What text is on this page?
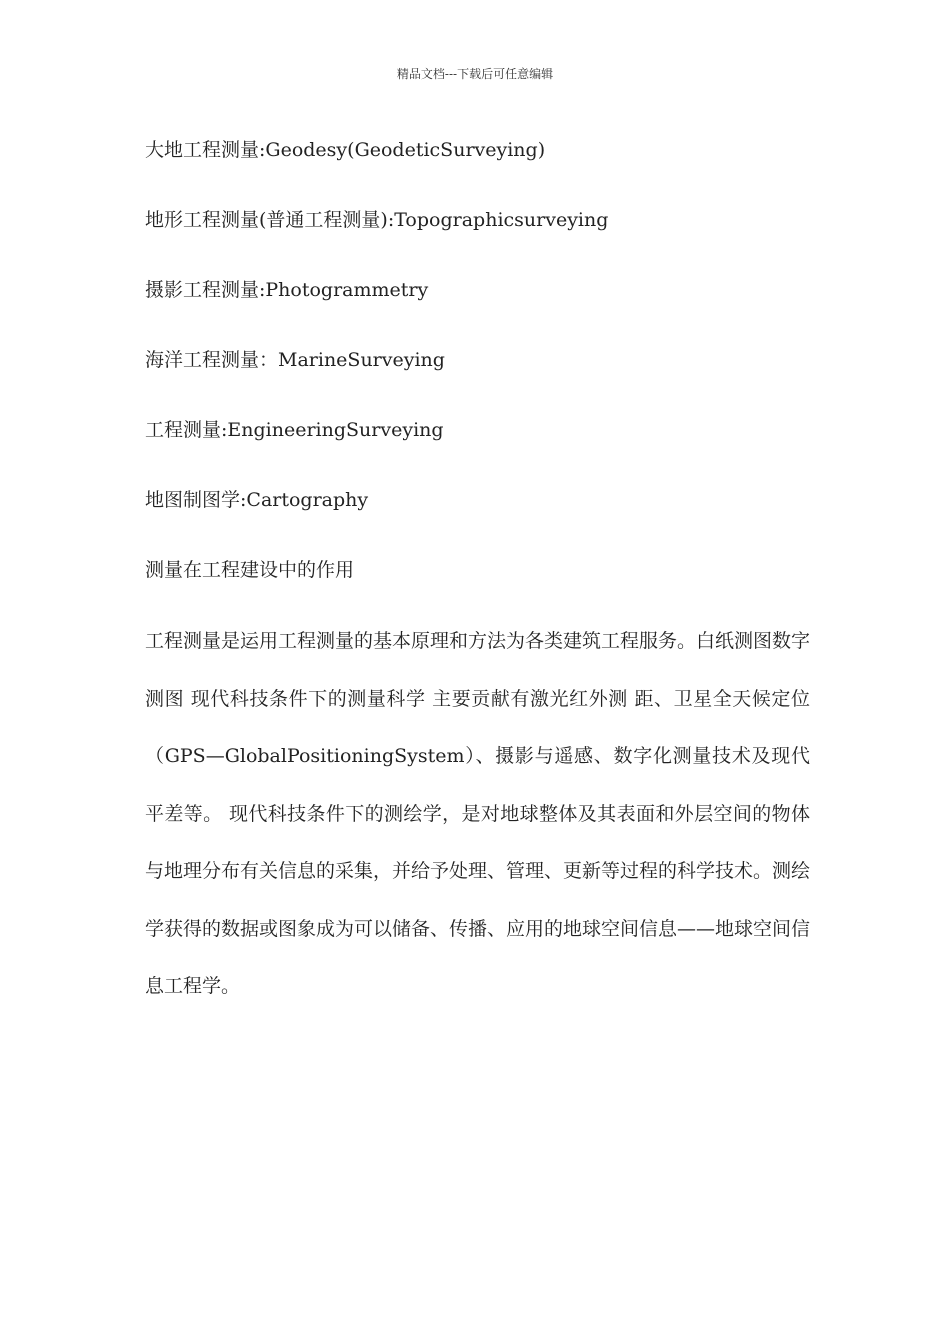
精品文档---下载后可任意编辑
大地工程测量:Geodesy(GeodeticSurveying)
地形工程测量(普通工程测量):Topographicsurveying
摄影工程测量:Photogrammetry
海洋工程测量：MarineSurveying
工程测量:EngineeringSurveying
地图制图学:Cartography
测量在工程建设中的作用
工程测量是运用工程测量的基本原理和方法为各类建筑工程服务。白纸测图数字测图 现代科技条件下的测量科学 主要贡献有激光红外测 距、卫星全天候定位（GPS—GlobalPositioningSystem）、摄影与遥感、数字化测量技术及现代平差等。 现代科技条件下的测绘学，是对地球整体及其表面和外层空间的物体与地理分布有关信息的采集，并给予处理、管理、更新等过程的科学技术。测绘学获得的数据或图象成为可以储备、传播、应用的地球空间信息——地球空间信息工程学。
